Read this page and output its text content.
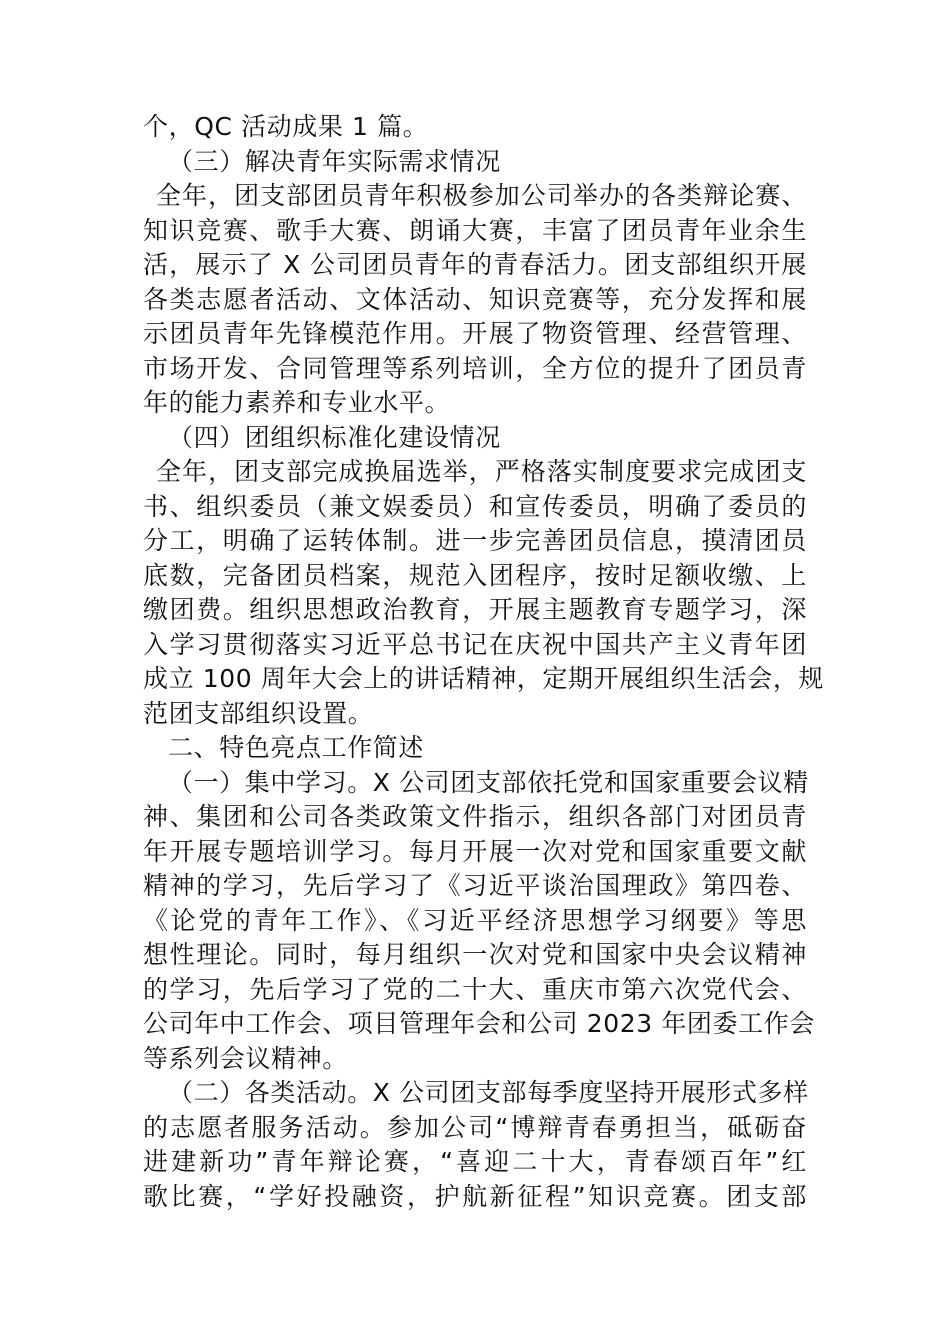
个，QC 活动成果 1 篇。
（三）解决青年实际需求情况
全年，团支部团员青年积极参加公司举办的各类辩论赛、
知识竞赛、歌手大赛、朗诵大赛，丰富了团员青年业余生
活，展示了 X 公司团员青年的青春活力。团支部组织开展
各类志愿者活动、文体活动、知识竞赛等，充分发挥和展
示团员青年先锋模范作用。开展了物资管理、经营管理、
市场开发、合同管理等系列培训，全方位的提升了团员青
年的能力素养和专业水平。
（四）团组织标准化建设情况
全年，团支部完成换届选举，严格落实制度要求完成团支
书、组织委员（兼文娱委员）和宣传委员，明确了委员的
分工，明确了运转体制。进一步完善团员信息，摸清团员
底数，完备团员档案，规范入团程序，按时足额收缴、上
缴团费。组织思想政治教育，开展主题教育专题学习，深
入学习贯彻落实习近平总书记在庆祝中国共产主义青年团
成立 100 周年大会上的讲话精神，定期开展组织生活会，规
范团支部组织设置。
二、特色亮点工作简述
（一）集中学习。X 公司团支部依托党和国家重要会议精
神、集团和公司各类政策文件指示，组织各部门对团员青
年开展专题培训学习。每月开展一次对党和国家重要文献
精神的学习，先后学习了《习近平谈治国理政》第四卷、
《论党的青年工作》、《习近平经济思想学习纲要》等思
想性理论。同时，每月组织一次对党和国家中央会议精神
的学习，先后学习了党的二十大、重庆市第六次党代会、
公司年中工作会、项目管理年会和公司 2023 年团委工作会
等系列会议精神。
（二）各类活动。X 公司团支部每季度坚持开展形式多样
的志愿者服务活动。参加公司“博辩青春勇担当，砥砺奋
进建新功”青年辩论赛，“喜迎二十大，青春颂百年”红
歌比赛，“学好投融资，护航新征程”知识竞赛。团支部
